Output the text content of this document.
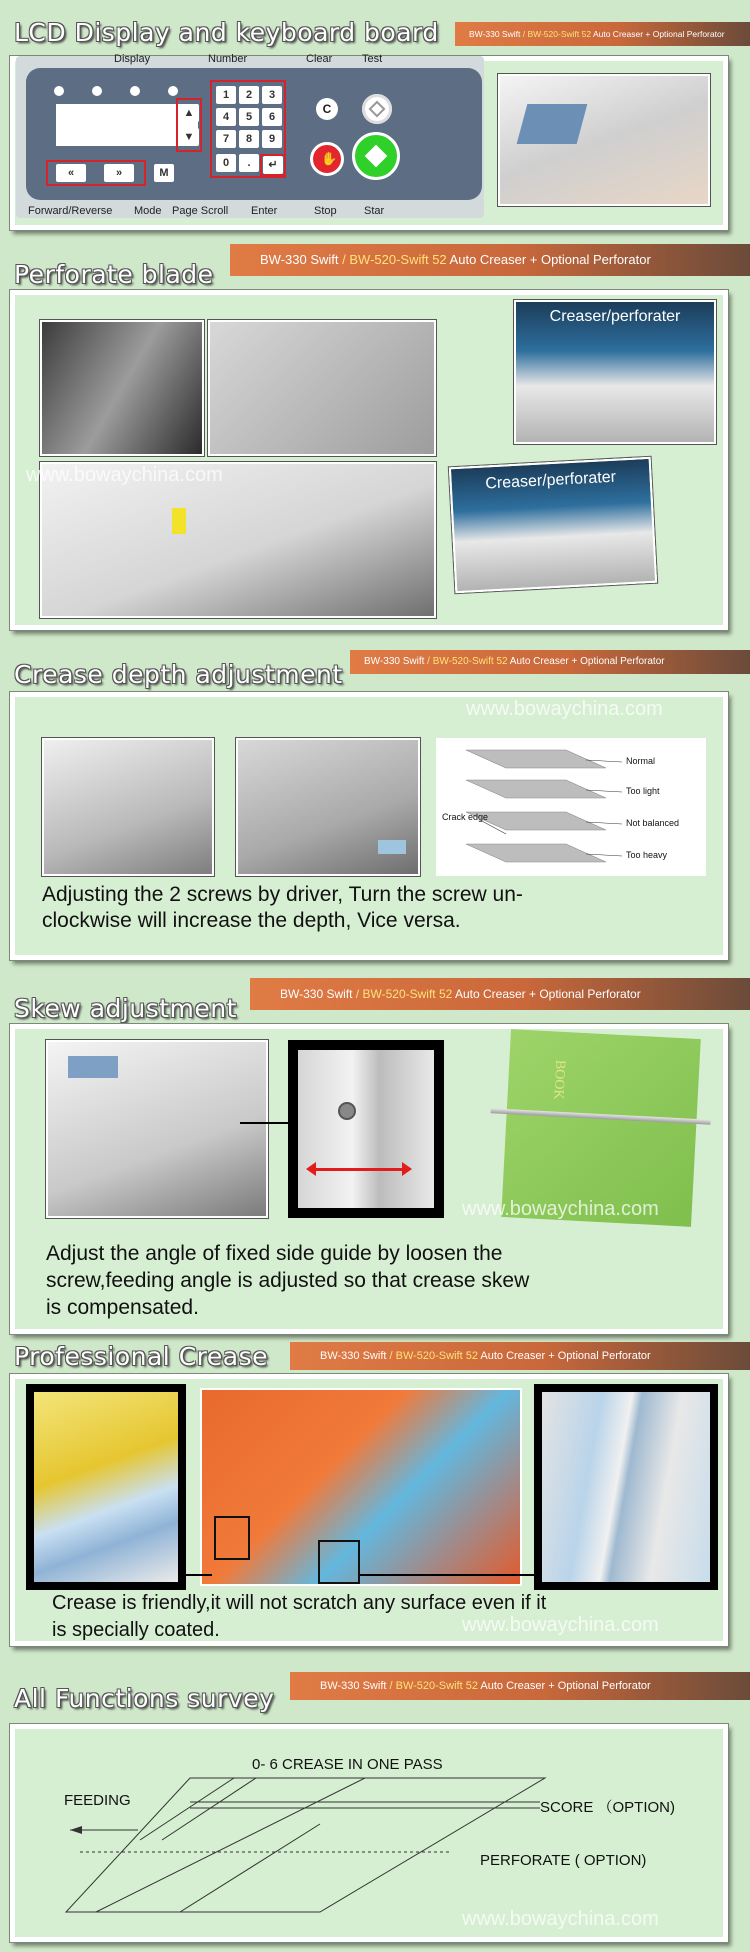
LCD Display and keyboard board	BW-330 Swift / BW-520-Swift 52 Auto Creaser + Optional Perforator
«	»	M
▲
▼
1	2	3
4	5	6
7	8	9
0	.	↵
C
✋
Display	Number	Clear	Test
Forward/Reverse Mode Page Scroll Enter	Stop Star
BW-330 Swift / BW-520-Swift 52 Auto Creaser + Optional Perforator
Perforate blade
www.bowaychina.com
Creaser/perforater
Creaser/perforater
BW-330 Swift / BW-520-Swift 52 Auto Creaser + Optional Perforator
Crease depth adjustment
www.bowaychina.com
Normal
Too light
Not balanced
Too heavy
Crack edge
Adjusting the 2 screws by driver, Turn the screw un-
clockwise will increase the depth, Vice versa.
BW-330 Swift / BW-520-Swift 52 Auto Creaser + Optional Perforator
Skew adjustment
BOOK
www.bowaychina.com
Adjust the angle of fixed side guide by loosen the
screw,feeding angle is adjusted so that crease skew
is compensated.
BW-330 Swift / BW-520-Swift 52 Auto Creaser + Optional Perforator
Professional Crease
Crease is friendly,it will not scratch any surface even if it
is specially coated.	www.bowaychina.com
BW-330 Swift / BW-520-Swift 52 Auto Creaser + Optional Perforator
All Functions survey
0- 6 CREASE IN ONE PASS
FEEDING	SCORE （OPTION)
PERFORATE ( OPTION)
www.bowaychina.com
